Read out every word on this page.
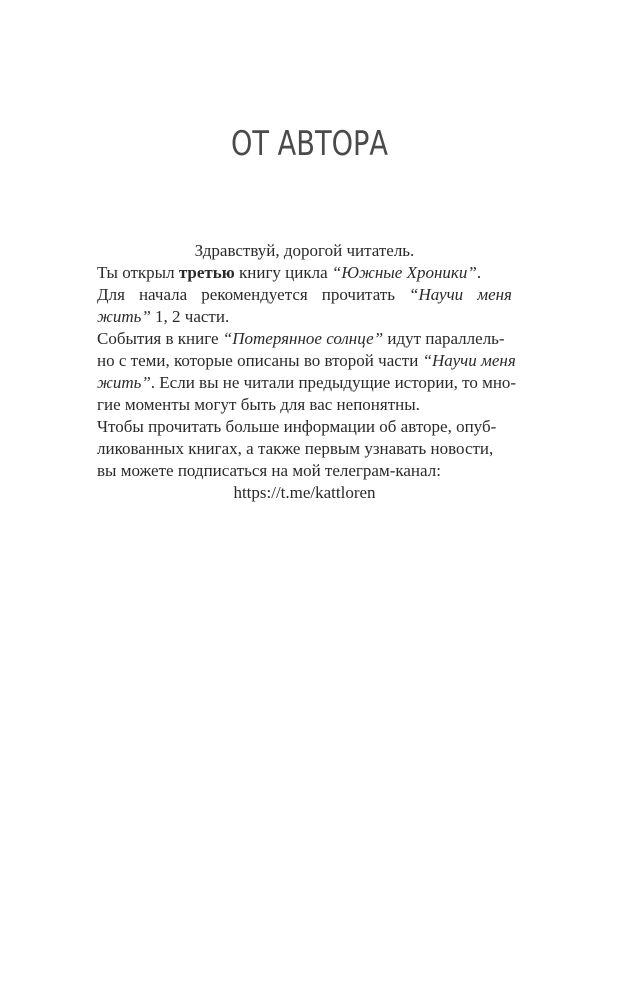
ОТ АВТОРА
Здравствуй, дорогой читатель.
Ты открыл третью книгу цикла “Южные Хроники”.
Для начала рекомендуется прочитать “Научи меня
жить” 1, 2 части.
События в книге “Потерянное солнце” идут параллель-
но с теми, которые описаны во второй части “Научи меня
жить”. Если вы не читали предыдущие истории, то мно-
гие моменты могут быть для вас непонятны.
Чтобы прочитать больше информации об авторе, опуб-
ликованных книгах, а также первым узнавать новости,
вы можете подписаться на мой телеграм-канал:
https://t.me/kattloren
